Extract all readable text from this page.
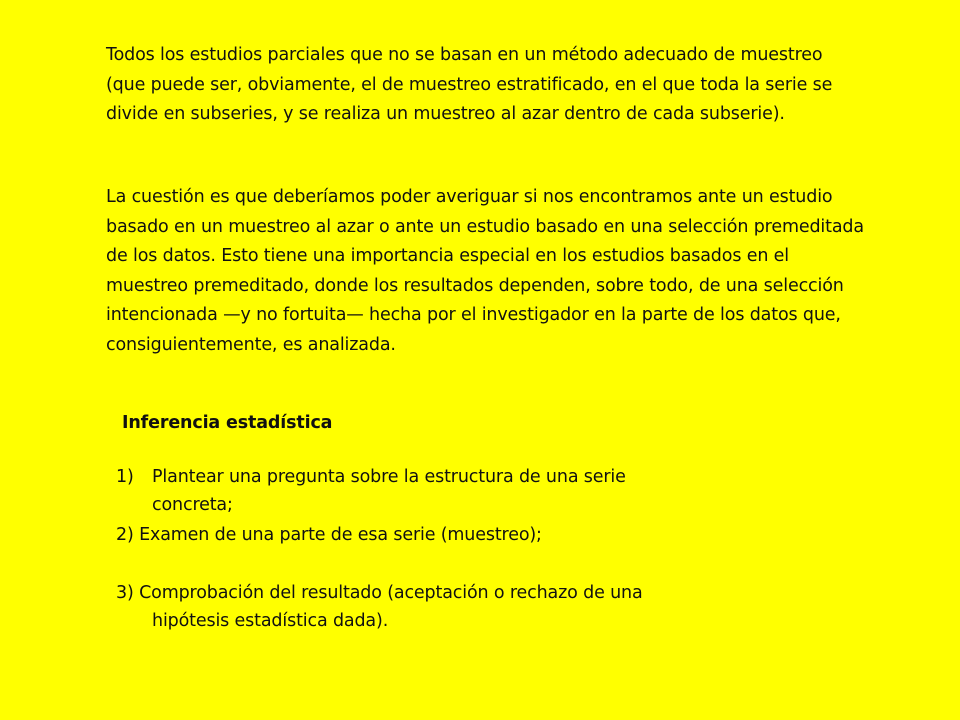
Todos los estudios parciales que no se basan en un método adecuado de muestreo (que puede ser, obviamente, el de muestreo estratificado, en el que toda la serie se divide en subseries, y se realiza un muestreo al azar dentro de cada subserie).

La cuestión es que deberíamos poder averiguar si nos encontramos ante un estudio basado en un muestreo al azar o ante un estudio basado en una selección premeditada de los datos. Esto tiene una importancia especial en los estudios basados en el muestreo premeditado, donde los resultados dependen, sobre todo, de una selección intencionada —y no fortuita— hecha por el investigador en la parte de los datos que, consiguientemente, es analizada.

Inferencia estadística
1) Plantear una pregunta sobre la estructura de una serie
concreta;
2) Examen de una parte de esa serie (muestreo);
3) Comprobación del resultado (aceptación o rechazo de una
hipótesis estadística dada).
